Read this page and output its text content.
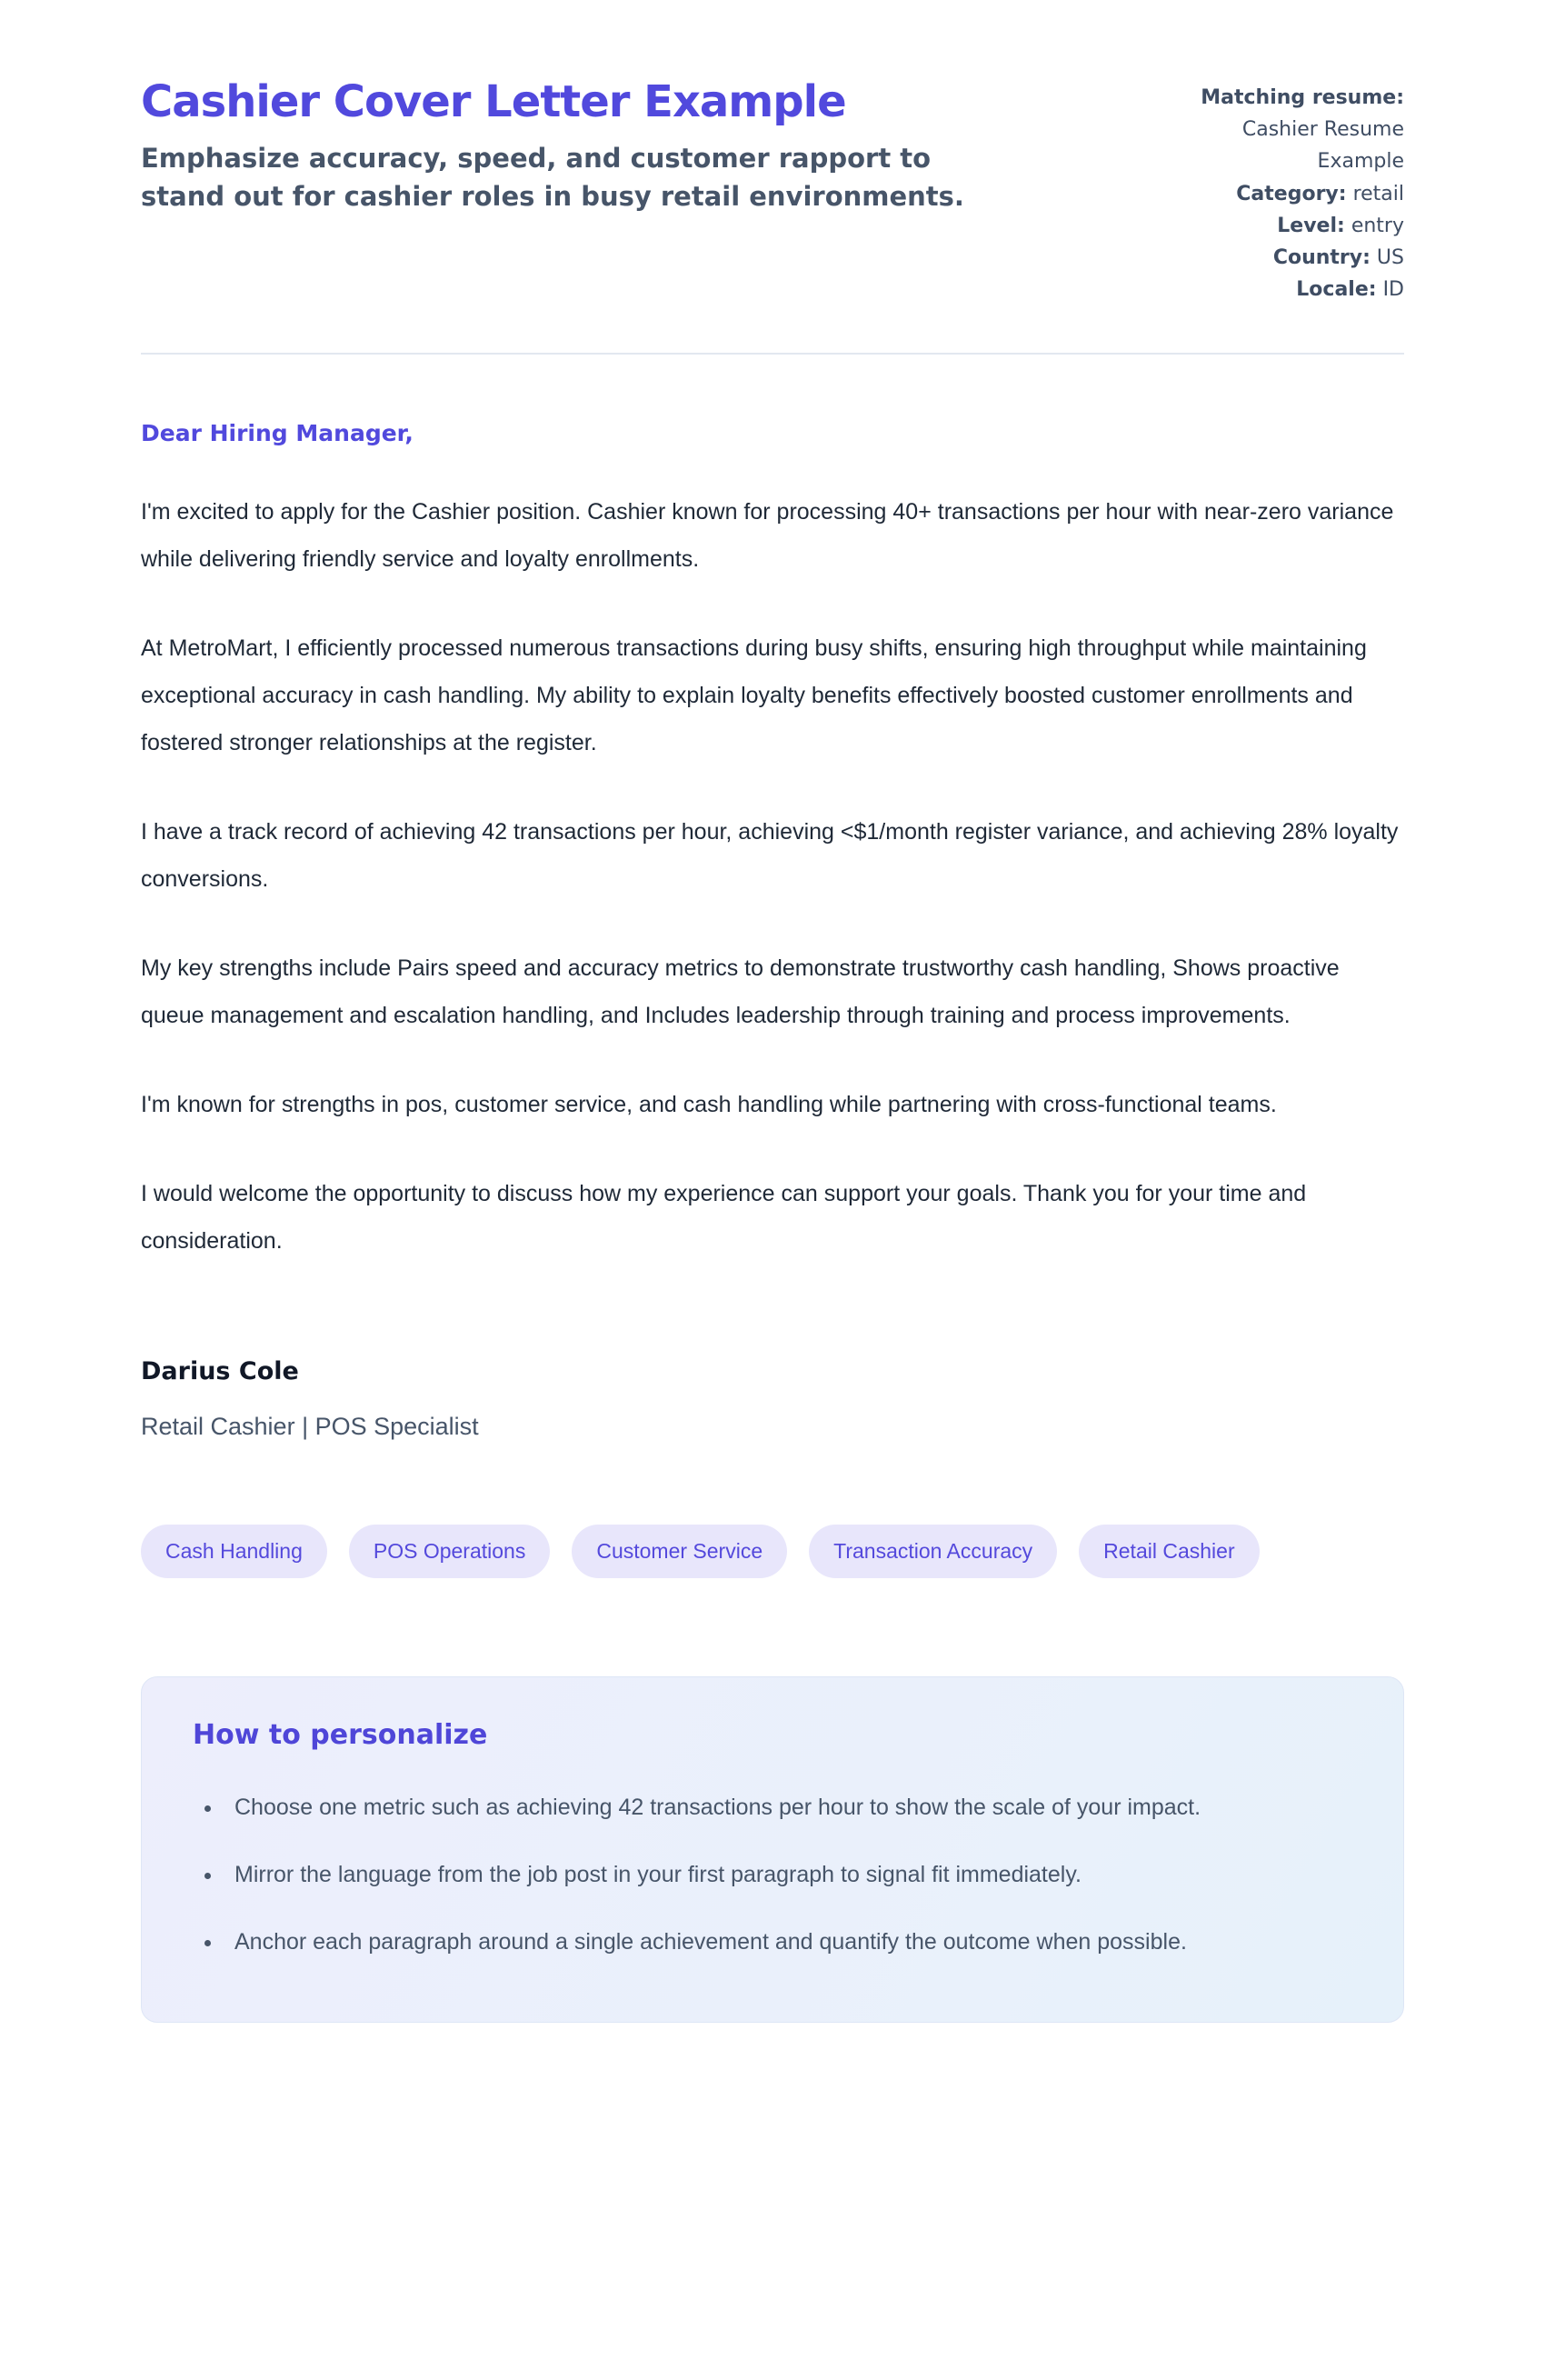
Cashier Cover Letter Example

Emphasize accuracy, speed, and customer rapport to stand out for cashier roles in busy retail environments.

Matching resume: Cashier Resume Example
Category: retail
Level: entry
Country: US
Locale: ID
Dear Hiring Manager,

I'm excited to apply for the Cashier position. Cashier known for processing 40+ transactions per hour with near-zero variance while delivering friendly service and loyalty enrollments.

At MetroMart, I efficiently processed numerous transactions during busy shifts, ensuring high throughput while maintaining exceptional accuracy in cash handling. My ability to explain loyalty benefits effectively boosted customer enrollments and fostered stronger relationships at the register.

I have a track record of achieving 42 transactions per hour, achieving <$1/month register variance, and achieving 28% loyalty conversions.

My key strengths include Pairs speed and accuracy metrics to demonstrate trustworthy cash handling, Shows proactive queue management and escalation handling, and Includes leadership through training and process improvements.

I'm known for strengths in pos, customer service, and cash handling while partnering with cross-functional teams.

I would welcome the opportunity to discuss how my experience can support your goals. Thank you for your time and consideration.

Darius Cole
Retail Cashier | POS Specialist
Cash Handling	POS Operations	Customer Service	Transaction Accuracy	Retail Cashier
How to personalize
• Choose one metric such as achieving 42 transactions per hour to show the scale of your impact.
• Mirror the language from the job post in your first paragraph to signal fit immediately.
• Anchor each paragraph around a single achievement and quantify the outcome when possible.
